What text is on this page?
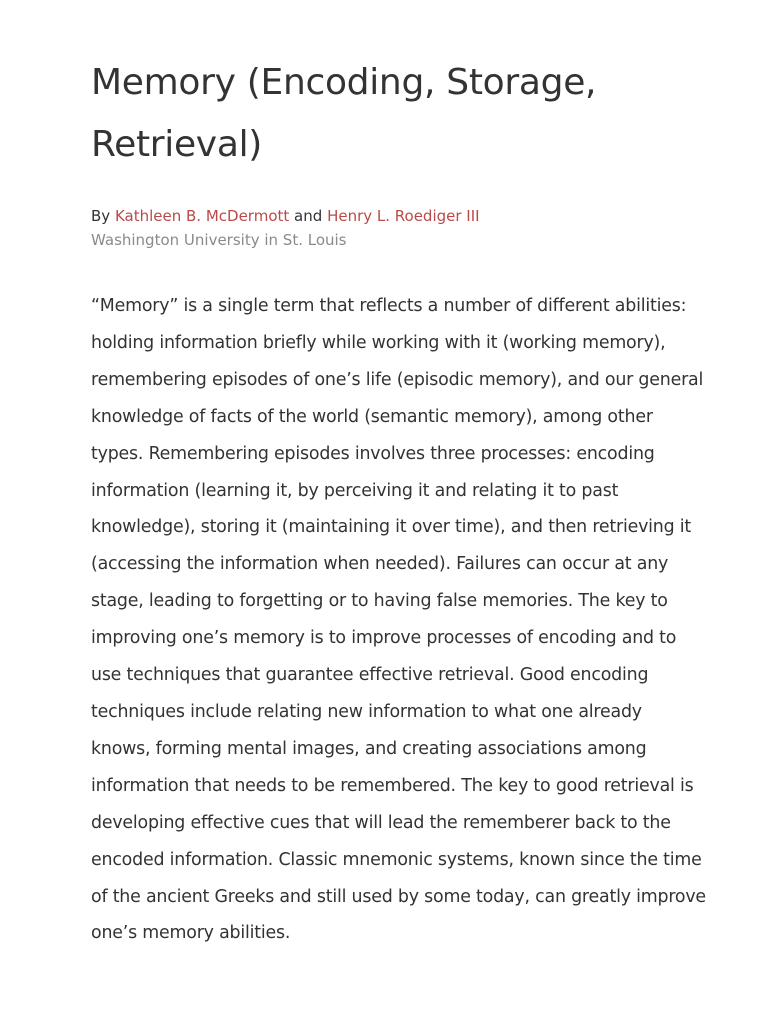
Memory (Encoding, Storage,
Retrieval)
By Kathleen B. McDermott and Henry L. Roediger III
Washington University in St. Louis
“Memory” is a single term that reflects a number of different abilities:
holding information briefly while working with it (working memory),
remembering episodes of one’s life (episodic memory), and our general
knowledge of facts of the world (semantic memory), among other
types. Remembering episodes involves three processes: encoding
information (learning it, by perceiving it and relating it to past
knowledge), storing it (maintaining it over time), and then retrieving it
(accessing the information when needed). Failures can occur at any
stage, leading to forgetting or to having false memories. The key to
improving one’s memory is to improve processes of encoding and to
use techniques that guarantee effective retrieval. Good encoding
techniques include relating new information to what one already
knows, forming mental images, and creating associations among
information that needs to be remembered. The key to good retrieval is
developing effective cues that will lead the rememberer back to the
encoded information. Classic mnemonic systems, known since the time
of the ancient Greeks and still used by some today, can greatly improve
one’s memory abilities.
